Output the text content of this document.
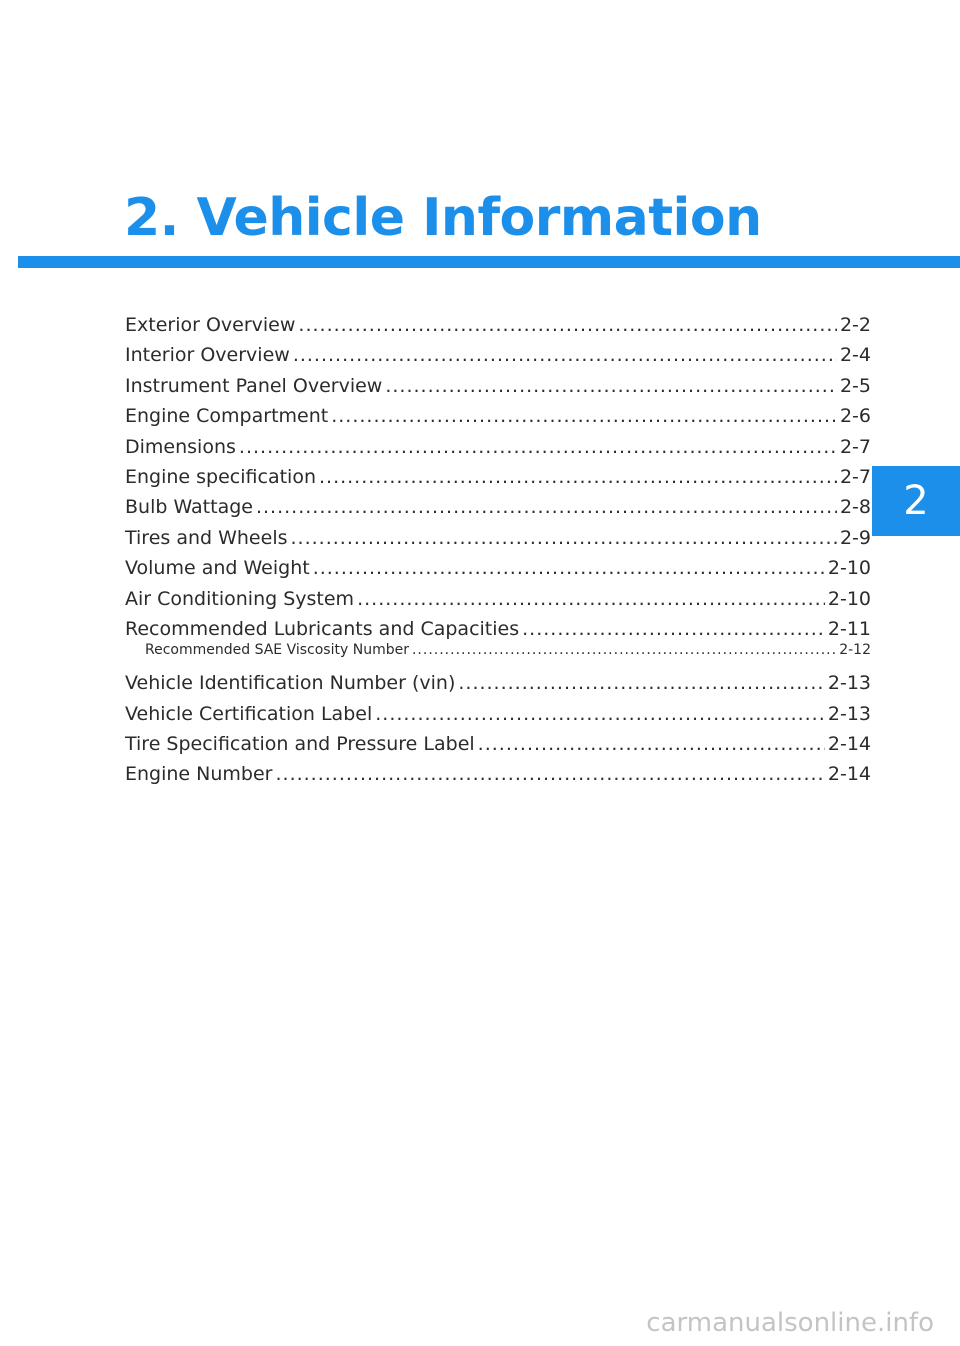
2. Vehicle Information
Exterior Overview .....	2-2
Interior Overview .....	2-4
Instrument Panel Overview .....	2-5
Engine Compartment .....	2-6
Dimensions .....	2-7
Engine specification .....	2-7
Bulb Wattage .....	2-8
Tires and Wheels .....	2-9
Volume and Weight .....	2-10
Air Conditioning System .....	2-10
Recommended Lubricants and Capacities .....	2-11
Recommended SAE Viscosity Number .....	2-12
Vehicle Identification Number (vin) .....	2-13
Vehicle Certification Label .....	2-13
Tire Specification and Pressure Label .....	2-14
Engine Number .....	2-14
2
carmanualsonline.info
